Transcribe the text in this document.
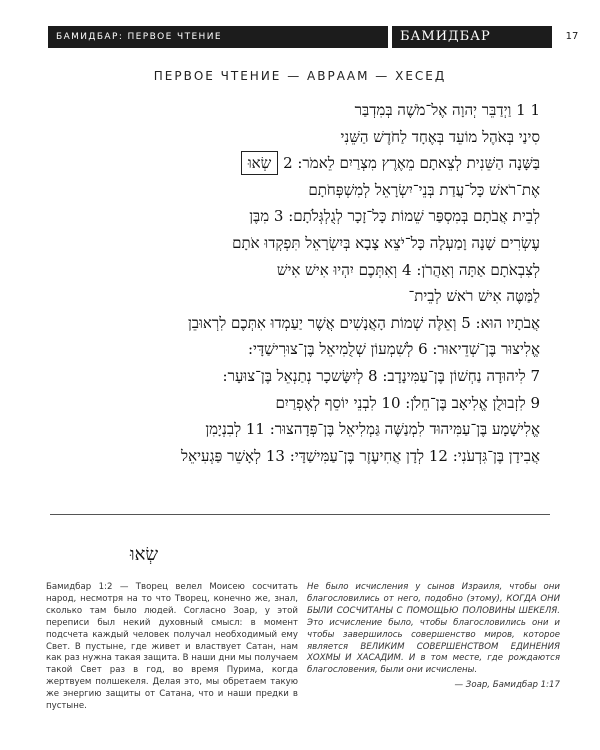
БАМИДБАР: ПЕРВОЕ ЧТЕНИЕ	БАМИДБАР	17
ПЕРВОЕ ЧТЕНИЕ — АВРААМ — ХЕСЕД
1 1 וַיְדַבֵּר יְהוָה אֶל־מֹשֶׁה בְּמִדְבַּר
סִינַי בְּאֹהֶל מוֹעֵד בְּאֶחָד לַחֹדֶשׁ הַשֵּׁנִי
בַּשָּׁנָה הַשֵּׁנִית לְצֵאתָם מֵאֶרֶץ מִצְרַיִם לֵאמֹר: 2 שְׂאוּ
אֶת־רֹאשׁ כָּל־עֲדַת בְּנֵי־יִשְׂרָאֵל לְמִשְׁפְּחֹתָם
לְבֵית אֲבֹתָם בְּמִסְפַּר שֵׁמוֹת כָּל־זָכָר לְגֻלְגְּלֹתָם: 3 מִבֶּן
עֶשְׂרִים שָׁנָה וָמַעְלָה כָּל־יֹצֵא צָבָא בְּיִשְׂרָאֵל תִּפְקְדוּ אֹתָם
לְצִבְאֹתָם אַתָּה וְאַהֲרֹן: 4 וְאִתְּכֶם יִהְיוּ אִישׁ אִישׁ
לַמַּטֶּה אִישׁ רֹאשׁ לְבֵית־
אֲבֹתָיו הוּא: 5 וְאֵלֶּה שְׁמוֹת הָאֲנָשִׁים אֲשֶׁר יַעַמְדוּ אִתְּכֶם לִרְאוּבֵן
אֱלִיצוּר בֶּן־שְׁדֵיאוּר: 6 לְשִׁמְעוֹן שְׁלֻמִיאֵל בֶּן־צוּרִישַׁדָּי:
7 לִיהוּדָה נַחְשׁוֹן בֶּן־עַמִּינָדָב: 8 לְיִשָּׂשכָר נְתַנְאֵל בֶּן־צוּעָר:
9 לִזְבוּלֻן אֱלִיאָב בֶּן־חֵלֹן: 10 לִבְנֵי יוֹסֵף לְאֶפְרַיִם
אֱלִישָׁמָע בֶּן־עַמִּיהוּד לִמְנַשֶּׁה גַּמְלִיאֵל בֶּן־פְּדָהצוּר: 11 לְבִנְיָמִן
אֲבִידָן בֶּן־גִּדְעֹנִי: 12 לְדָן אֲחִיעֶזֶר בֶּן־עַמִּישַׁדָּי: 13 לְאָשֵׁר פַּגְעִיאֵל
שְׂאוּ
Бамидбар 1:2 — Творец велел Моисею сосчитать народ, несмотря на то что Творец, конечно же, знал, сколько там было людей. Согласно Зоар, у этой переписи был некий духовный смысл: в момент подсчета каждый человек получал необходимый ему Свет. В пустыне, где живет и властвует Сатан, нам как раз нужна такая защита. В наши дни мы получаем такой Свет раз в год, во время Пурима, когда жертвуем полшекеля. Делая это, мы обретаем такую же энергию защиты от Сатана, что и наши предки в пустыне.
Не было исчисления у сынов Израиля, чтобы они благословились от него, подобно (этому), КОГДА ОНИ БЫЛИ СОСЧИТАНЫ С ПОМОЩЬЮ ПОЛОВИНЫ ШЕКЕЛЯ. Это исчисление было, чтобы благословились они и чтобы завершилось совершенство миров, которое является ВЕЛИКИМ СОВЕРШЕНСТВОМ ЕДИНЕНИЯ ХОХМЫ И ХАСАДИМ. И в том месте, где рождаются благословения, были они исчислены.
— Зоар, Бамидбар 1:17
